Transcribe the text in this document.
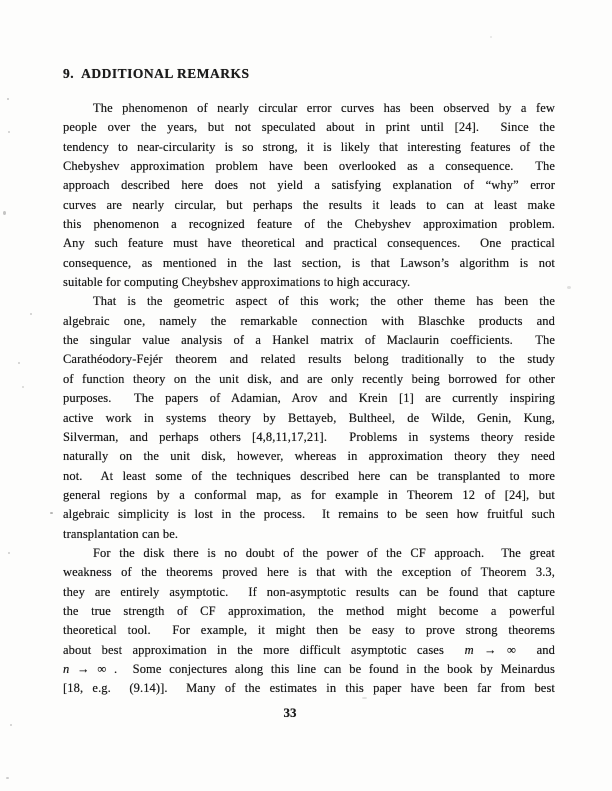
9.  ADDITIONAL REMARKS
The phenomenon of nearly circular error curves has been observed by a few
people over the years, but not speculated about in print until [24].  Since the
tendency to near-circularity is so strong, it is likely that interesting features of the
Chebyshev approximation problem have been overlooked as a consequence.  The
approach described here does not yield a satisfying explanation of “why” error
curves are nearly circular, but perhaps the results it leads to can at least make
this phenomenon a recognized feature of the Chebyshev approximation problem.
Any such feature must have theoretical and practical consequences.  One practical
consequence, as mentioned in the last section, is that Lawson’s algorithm is not
suitable for computing Cheybshev approximations to high accuracy.
That is the geometric aspect of this work; the other theme has been the
algebraic one, namely the remarkable connection with Blaschke products and
the singular value analysis of a Hankel matrix of Maclaurin coefficients.  The
Carathéodory-Fejér theorem and related results belong traditionally to the study
of function theory on the unit disk, and are only recently being borrowed for other
purposes.  The papers of Adamian, Arov and Krein [1] are currently inspiring
active work in systems theory by Bettayeb, Bultheel, de Wilde, Genin, Kung,
Silverman, and perhaps others [4,8,11,17,21].  Problems in systems theory reside
naturally on the unit disk, however, whereas in approximation theory they need
not.  At least some of the techniques described here can be transplanted to more
general regions by a conformal map, as for example in Theorem 12 of [24], but
algebraic simplicity is lost in the process.  It remains to be seen how fruitful such
transplantation can be.
For the disk there is no doubt of the power of the CF approach.  The great
weakness of the theorems proved here is that with the exception of Theorem 3.3,
they are entirely asymptotic.  If non-asymptotic results can be found that capture
the true strength of CF approximation, the method might become a powerful
theoretical tool.  For example, it might then be easy to prove strong theorems
about best approximation in the more difficult asymptotic cases  m → ∞  and
n → ∞ .  Some conjectures along this line can be found in the book by Meinardus
[18, e.g.  (9.14)].  Many of the estimates in this paper have been far from best
33
